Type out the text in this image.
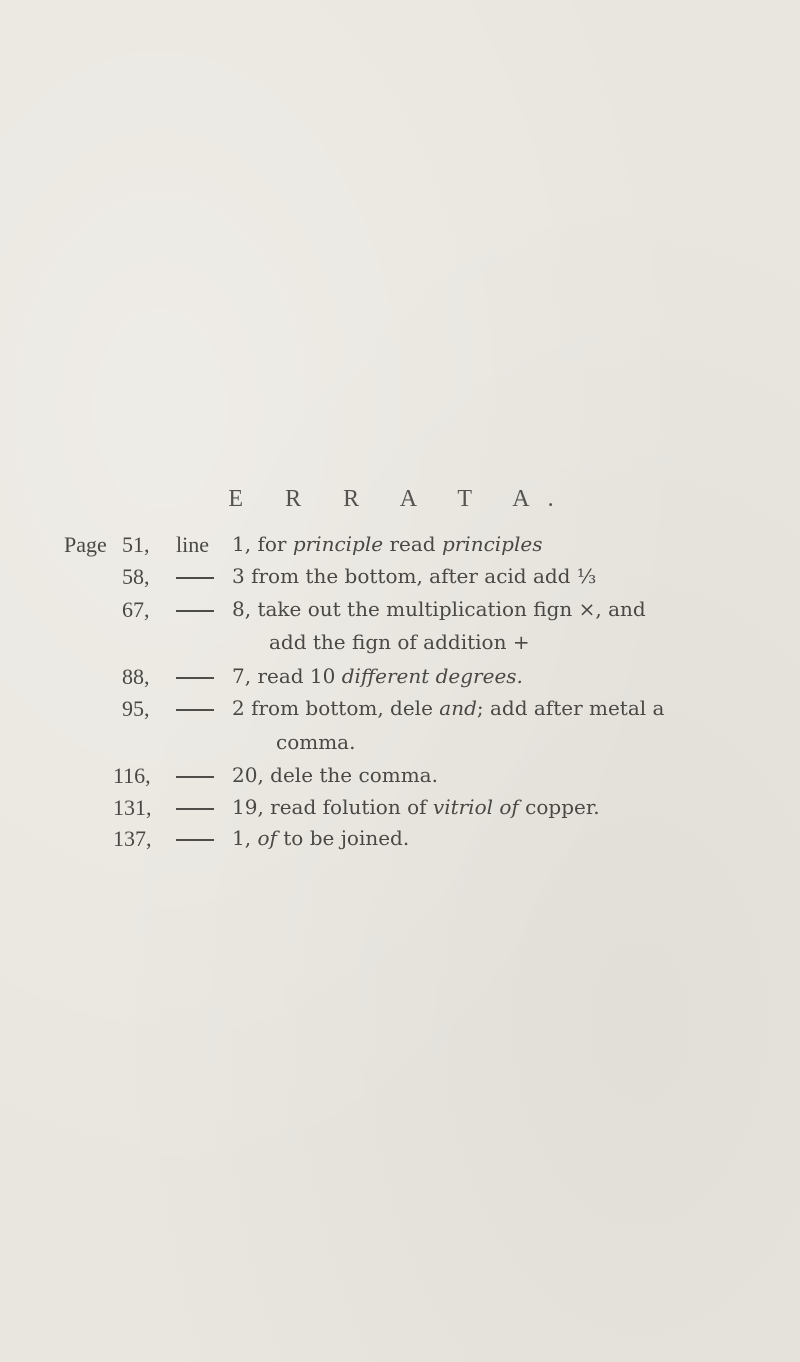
E R R A T A.
Page 51, line 1, for principle read principles
58,	3 from the bottom, after acid add ⅓
67,	8, take out the multiplication fign ×, and
add the fign of addition +
88,	7, read 10 different degrees.
95,	2 from bottom, dele and; add after metal a
comma.
116,	20, dele the comma.
131,	19, read folution of vitriol of copper.
137,	1, of to be joined.
